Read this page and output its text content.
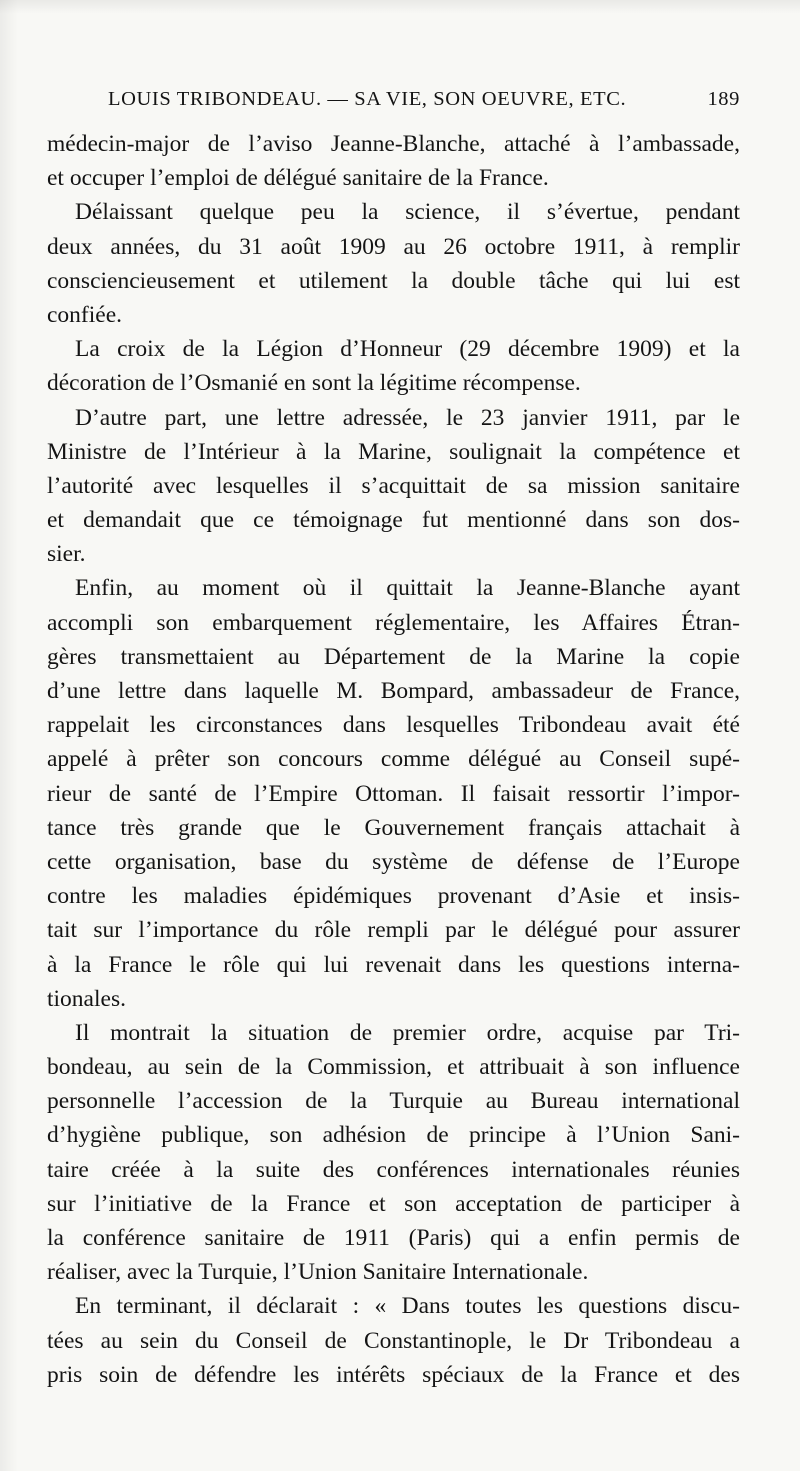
LOUIS TRIBONDEAU. — SA VIE, SON OEUVRE, ETC.	189
médecin-major de l’aviso Jeanne-Blanche, attaché à l’ambassade,
et occuper l’emploi de délégué sanitaire de la France.
Délaissant quelque peu la science, il s’évertue, pendant
deux années, du 31 août 1909 au 26 octobre 1911, à remplir
consciencieusement et utilement la double tâche qui lui est
confiée.
La croix de la Légion d’Honneur (29 décembre 1909) et la
décoration de l’Osmanié en sont la légitime récompense.
D’autre part, une lettre adressée, le 23 janvier 1911, par le
Ministre de l’Intérieur à la Marine, soulignait la compétence et
l’autorité avec lesquelles il s’acquittait de sa mission sanitaire
et demandait que ce témoignage fut mentionné dans son dos-
sier.
Enfin, au moment où il quittait la Jeanne-Blanche ayant
accompli son embarquement réglementaire, les Affaires Étran-
gères transmettaient au Département de la Marine la copie
d’une lettre dans laquelle M. Bompard, ambassadeur de France,
rappelait les circonstances dans lesquelles Tribondeau avait été
appelé à prêter son concours comme délégué au Conseil supé-
rieur de santé de l’Empire Ottoman. Il faisait ressortir l’impor-
tance très grande que le Gouvernement français attachait à
cette organisation, base du système de défense de l’Europe
contre les maladies épidémiques provenant d’Asie et insis-
tait sur l’importance du rôle rempli par le délégué pour assurer
à la France le rôle qui lui revenait dans les questions interna-
tionales.
Il montrait la situation de premier ordre, acquise par Tri-
bondeau, au sein de la Commission, et attribuait à son influence
personnelle l’accession de la Turquie au Bureau international
d’hygiène publique, son adhésion de principe à l’Union Sani-
taire créée à la suite des conférences internationales réunies
sur l’initiative de la France et son acceptation de participer à
la conférence sanitaire de 1911 (Paris) qui a enfin permis de
réaliser, avec la Turquie, l’Union Sanitaire Internationale.
En terminant, il déclarait : « Dans toutes les questions discu-
tées au sein du Conseil de Constantinople, le Dr Tribondeau a
pris soin de défendre les intérêts spéciaux de la France et des
